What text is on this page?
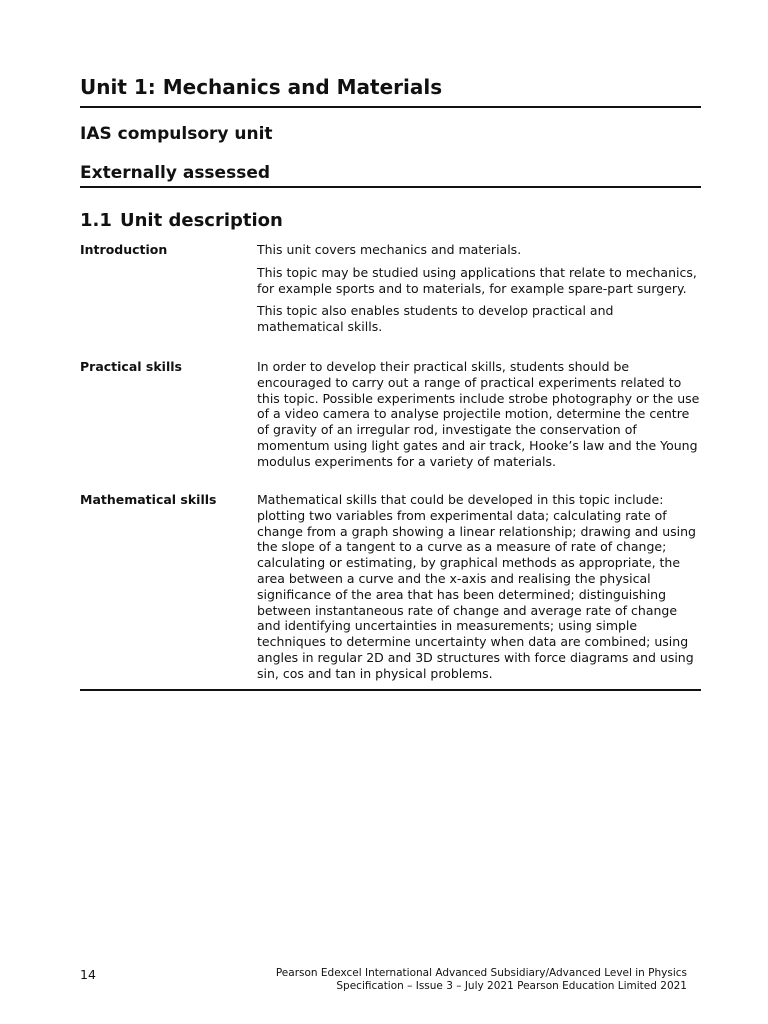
Unit 1: Mechanics and Materials
IAS compulsory unit
Externally assessed
1.1 Unit description
Introduction	This unit covers mechanics and materials.

This topic may be studied using applications that relate to mechanics, for example sports and to materials, for example spare-part surgery.

This topic also enables students to develop practical and mathematical skills.

Practical skills	In order to develop their practical skills, students should be encouraged to carry out a range of practical experiments related to this topic. Possible experiments include strobe photography or the use of a video camera to analyse projectile motion, determine the centre of gravity of an irregular rod, investigate the conservation of momentum using light gates and air track, Hooke’s law and the Young modulus experiments for a variety of materials.

Mathematical skills	Mathematical skills that could be developed in this topic include: plotting two variables from experimental data; calculating rate of change from a graph showing a linear relationship; drawing and using the slope of a tangent to a curve as a measure of rate of change; calculating or estimating, by graphical methods as appropriate, the area between a curve and the x-axis and realising the physical significance of the area that has been determined; distinguishing between instantaneous rate of change and average rate of change and identifying uncertainties in measurements; using simple techniques to determine uncertainty when data are combined; using angles in regular 2D and 3D structures with force diagrams and using sin, cos and tan in physical problems.

14	Pearson Edexcel International Advanced Subsidiary/Advanced Level in Physics
Specification – Issue 3 – July 2021 Pearson Education Limited 2021
